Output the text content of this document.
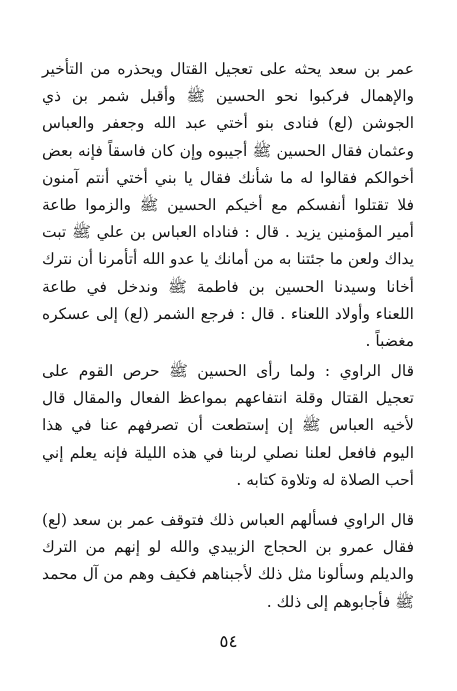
عمر بن سعد يحثه على تعجيل القتال ويحذره من التأخير والإهمال فركبوا نحو الحسين ﷺ وأقبل شمر بن ذي الجوشن (لع) فنادى بنو أختي عبد الله وجعفر والعباس وعثمان فقال الحسين ﷺ أجيبوه وإن كان فاسقاً فإنه بعض أخوالكم فقالوا له ما شأنك فقال يا بني أختي أنتم آمنون فلا تقتلوا أنفسكم مع أخيكم الحسين ﷺ والزموا طاعة أمير المؤمنين يزيد . قال : فناداه العباس بن علي ﷺ تبت يداك ولعن ما جئتنا به من أمانك يا عدو الله أتأمرنا أن نترك أخانا وسيدنا الحسين بن فاطمة ﷺ وندخل في طاعة اللعناء وأولاد اللعناء . قال : فرجع الشمر (لع) إلى عسكره مغضباً .

قال الراوي : ولما رأى الحسين ﷺ حرص القوم على تعجيل القتال وقلة انتفاعهم بمواعظ الفعال والمقال قال لأخيه العباس ﷺ إن إستطعت أن تصرفهم عنا في هذا اليوم فافعل لعلنا نصلي لربنا في هذه الليلة فإنه يعلم إني أحب الصلاة له وتلاوة كتابه .

قال الراوي فسألهم العباس ذلك فتوقف عمر بن سعد (لع) فقال عمرو بن الحجاج الزبيدي والله لو إنهم من الترك والديلم وسألونا مثل ذلك لأجبناهم فكيف وهم من آل محمد ﷺ فأجابوهم إلى ذلك .

٥٤
